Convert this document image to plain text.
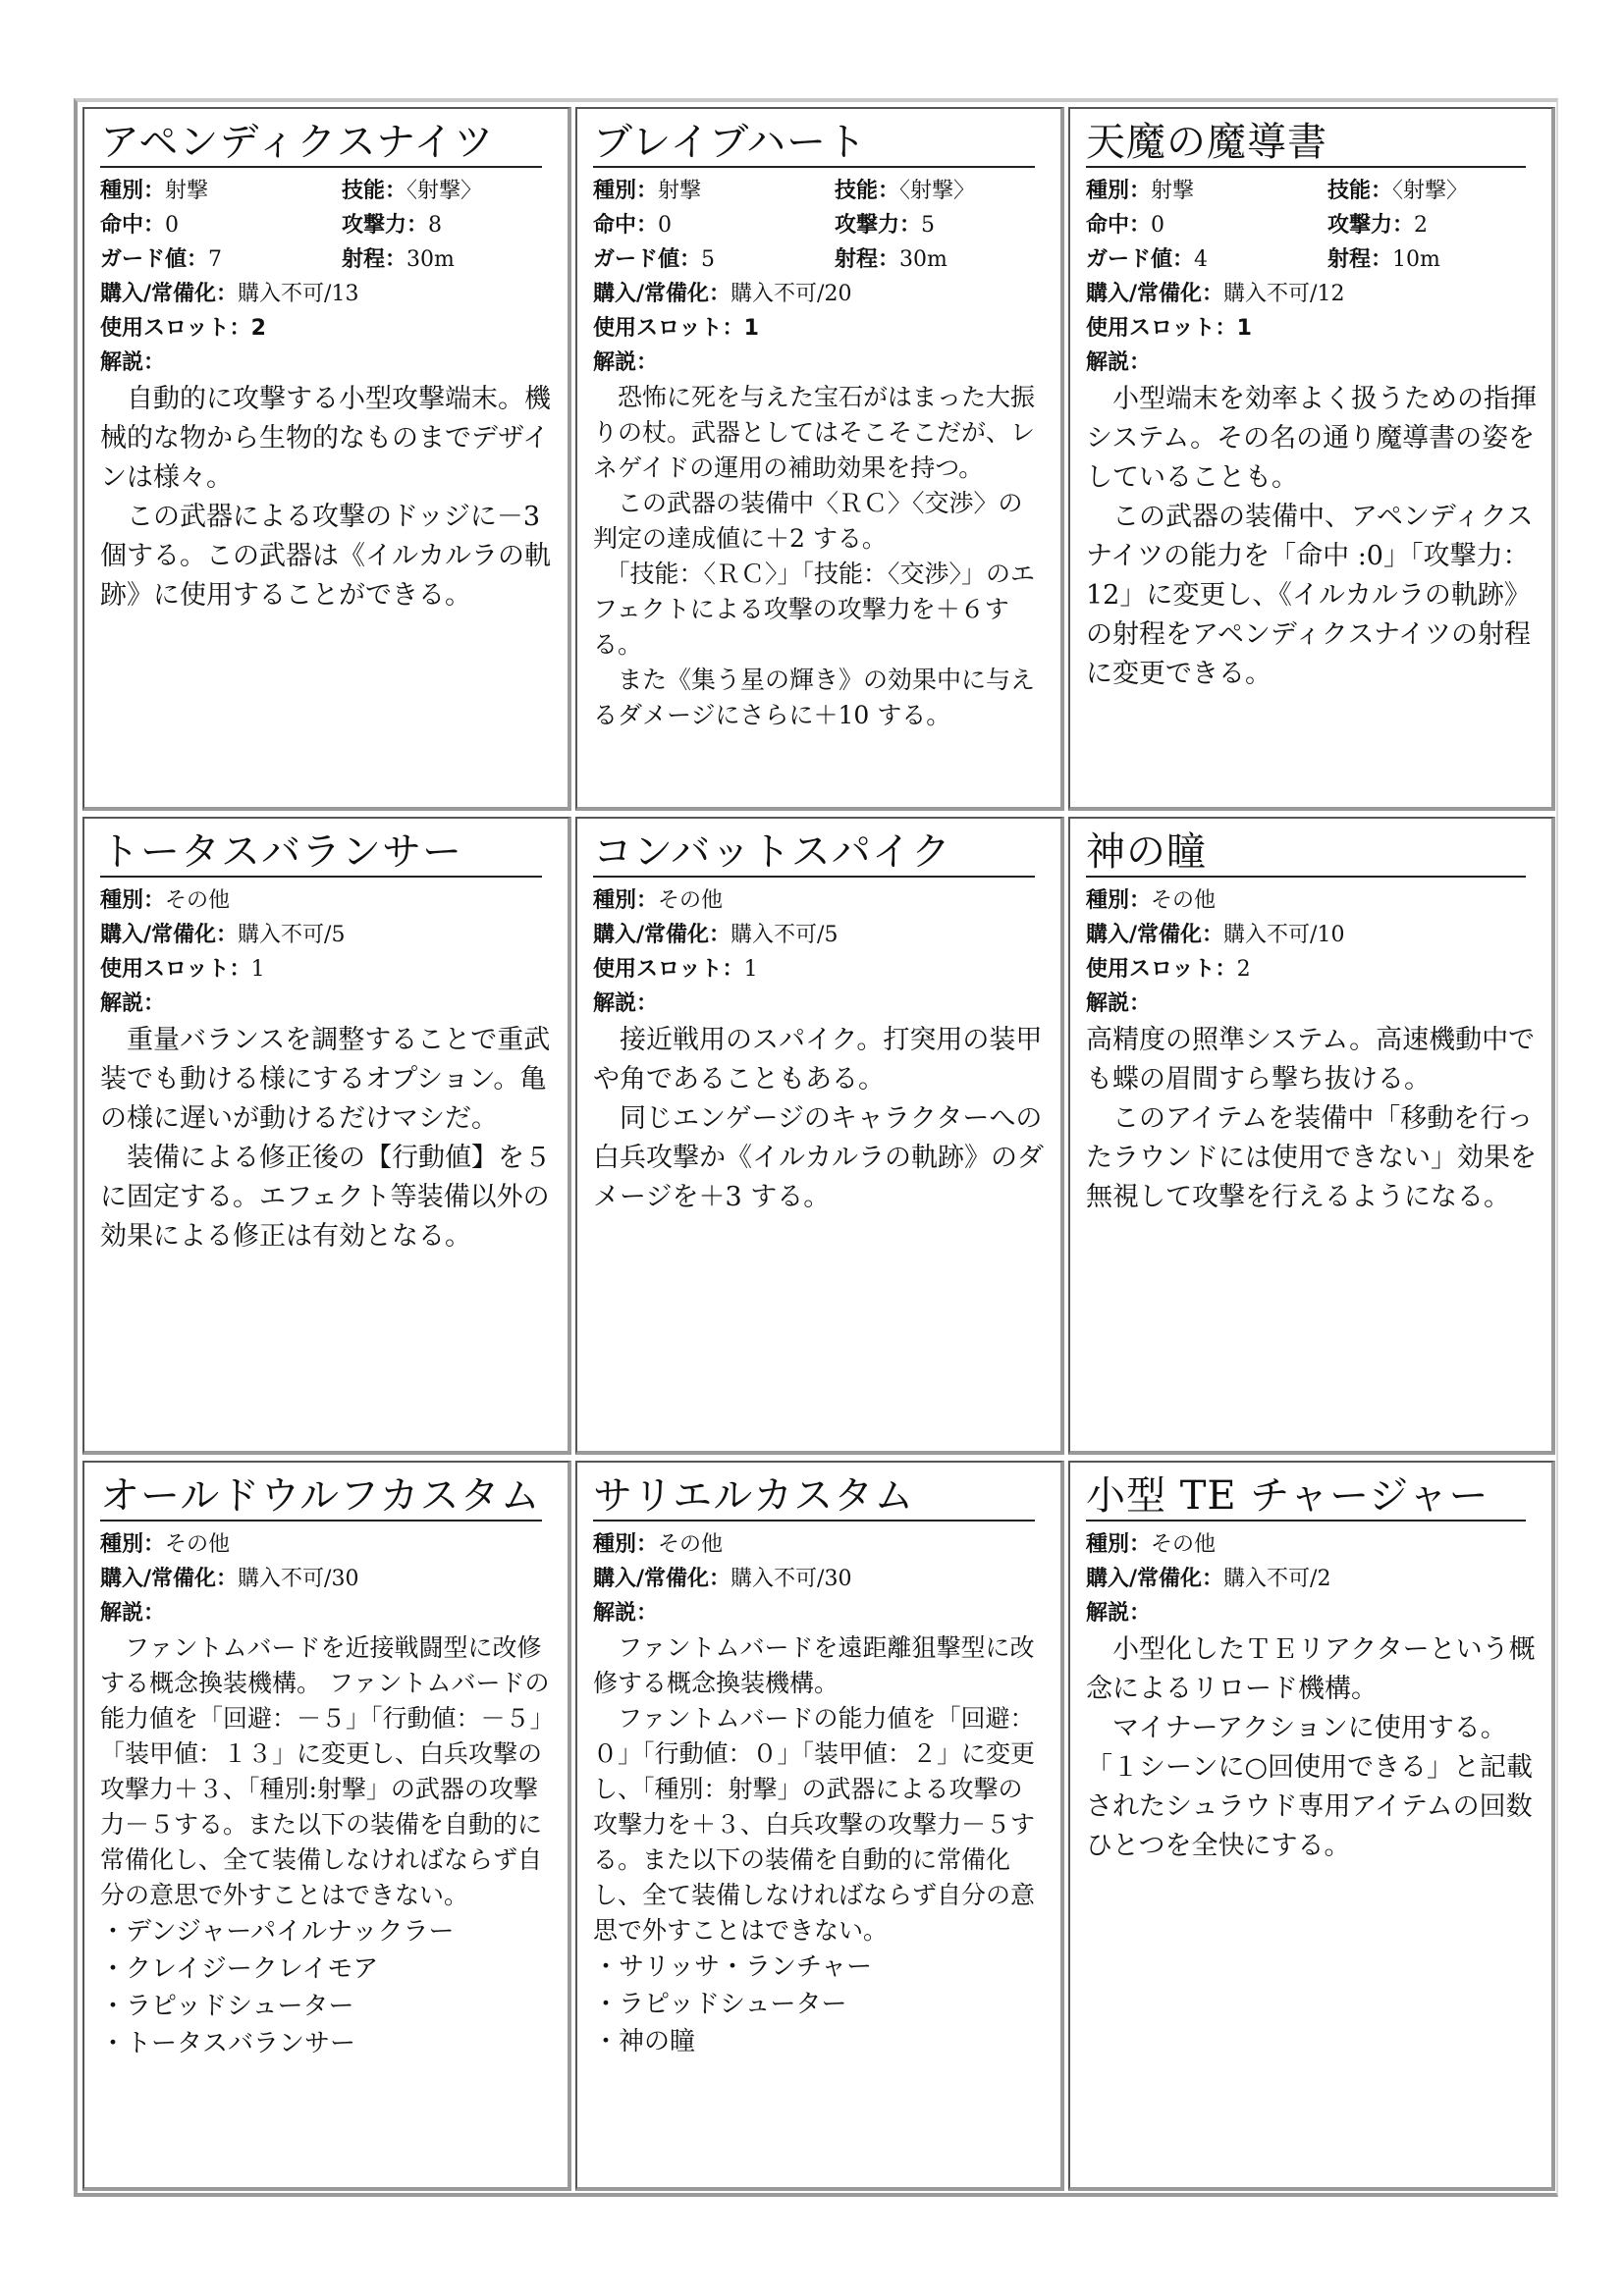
アペンディクスナイツ
種別：射撃	技能：〈射撃〉
命中：0	攻撃力：8
ガード値：7	射程：30m
購入/常備化：購入不可/13
使用スロット：2
解説：

　自動的に攻撃する小型攻撃端末。機械的な物から生物的なものまでデザインは様々。

　この武器による攻撃のドッジに－3 個する。この武器は《イルカルラの軌跡》に使用することができる。

ブレイブハート
種別：射撃	技能：〈射撃〉
命中：0	攻撃力：5
ガード値：5	射程：30m
購入/常備化：購入不可/20
使用スロット：1
解説：

　恐怖に死を与えた宝石がはまった大振りの杖。武器としてはそこそこだが、レネゲイドの運用の補助効果を持つ。

　この武器の装備中〈ＲＣ〉〈交渉〉の判定の達成値に＋2 する。

　「技能：〈ＲＣ〉」「技能：〈交渉〉」のエフェクトによる攻撃の攻撃力を＋６する。

　また《集う星の輝き》の効果中に与えるダメージにさらに＋10 する。

天魔の魔導書
種別：射撃	技能：〈射撃〉
命中：0	攻撃力：2
ガード値：4	射程：10m
購入/常備化：購入不可/12
使用スロット：1
解説：

　小型端末を効率よく扱うための指揮システム。その名の通り魔導書の姿をしていることも。

　この武器の装備中、アペンディクスナイツの能力を「命中 :0」「攻撃力：12」に変更し、《イルカルラの軌跡》の射程をアペンディクスナイツの射程に変更できる。

トータスバランサー
種別：その他
購入/常備化：購入不可/5
使用スロット：1
解説：

　重量バランスを調整することで重武装でも動ける様にするオプション。亀の様に遅いが動けるだけマシだ。

　装備による修正後の【行動値】を５に固定する。エフェクト等装備以外の効果による修正は有効となる。

コンバットスパイク
種別：その他
購入/常備化：購入不可/5
使用スロット：1
解説：

　接近戦用のスパイク。打突用の装甲や角であることもある。

　同じエンゲージのキャラクターへの白兵攻撃か《イルカルラの軌跡》のダメージを＋3 する。

神の瞳
種別：その他
購入/常備化：購入不可/10
使用スロット：2
解説：

高精度の照準システム。高速機動中でも蝶の眉間すら撃ち抜ける。

　このアイテムを装備中「移動を行ったラウンドには使用できない」効果を無視して攻撃を行えるようになる。

オールドウルフカスタム
種別：その他
購入/常備化：購入不可/30
解説：

　ファントムバードを近接戦闘型に改修する概念換装機構。 ファントムバードの能力値を「回避：－５」「行動値：－５」「装甲値：１３」に変更し、白兵攻撃の攻撃力＋３、「種別:射撃」の武器の攻撃力－５する。また以下の装備を自動的に常備化し、全て装備しなければならず自分の意思で外すことはできない。

・デンジャーパイルナックラー
・クレイジークレイモア
・ラピッドシューター
・トータスバランサー
サリエルカスタム
種別：その他
購入/常備化：購入不可/30
解説：

　ファントムバードを遠距離狙撃型に改修する概念換装機構。

　ファントムバードの能力値を「回避：０」「行動値：０」「装甲値：２」に変更し、「種別：射撃」の武器による攻撃の攻撃力を＋３、白兵攻撃の攻撃力－５する。また以下の装備を自動的に常備化し、全て装備しなければならず自分の意思で外すことはできない。

・サリッサ・ランチャー
・ラピッドシューター
・神の瞳
小型 TE チャージャー
種別：その他
購入/常備化：購入不可/2
解説：

　小型化したＴＥリアクターという概念によるリロード機構。

　マイナーアクションに使用する。

「１シーンに○回使用できる」と記載されたシュラウド専用アイテムの回数ひとつを全快にする。
